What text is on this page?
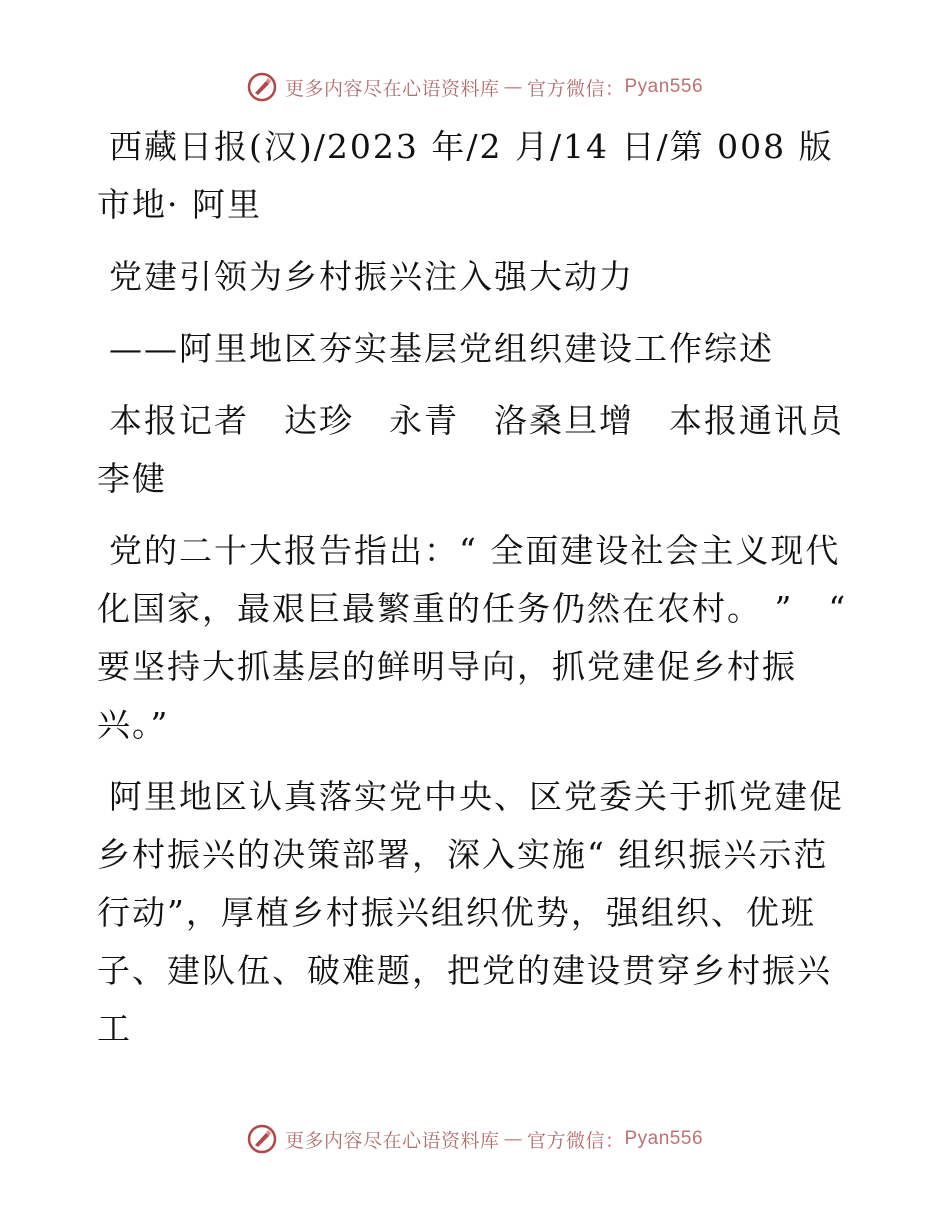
更多内容尽在心语资料库 — 官方微信： Pyan556

西藏日报(汉)/2023 年/2 月/14 日/第 008 版市地· 阿里

党建引领为乡村振兴注入强大动力

——阿里地区夯实基层党组织建设工作综述

本报记者　达珍　永青　洛桑旦增　本报通讯员李健

党的二十大报告指出：“ 全面建设社会主义现代化国家，最艰巨最繁重的任务仍然在农村。 ”　“ 要坚持大抓基层的鲜明导向，抓党建促乡村振兴。”

阿里地区认真落实党中央、区党委关于抓党建促乡村振兴的决策部署，深入实施“ 组织振兴示范行动”，厚植乡村振兴组织优势，强组织、优班子、建队伍、破难题，把党的建设贯穿乡村振兴工

更多内容尽在心语资料库 — 官方微信： Pyan556
